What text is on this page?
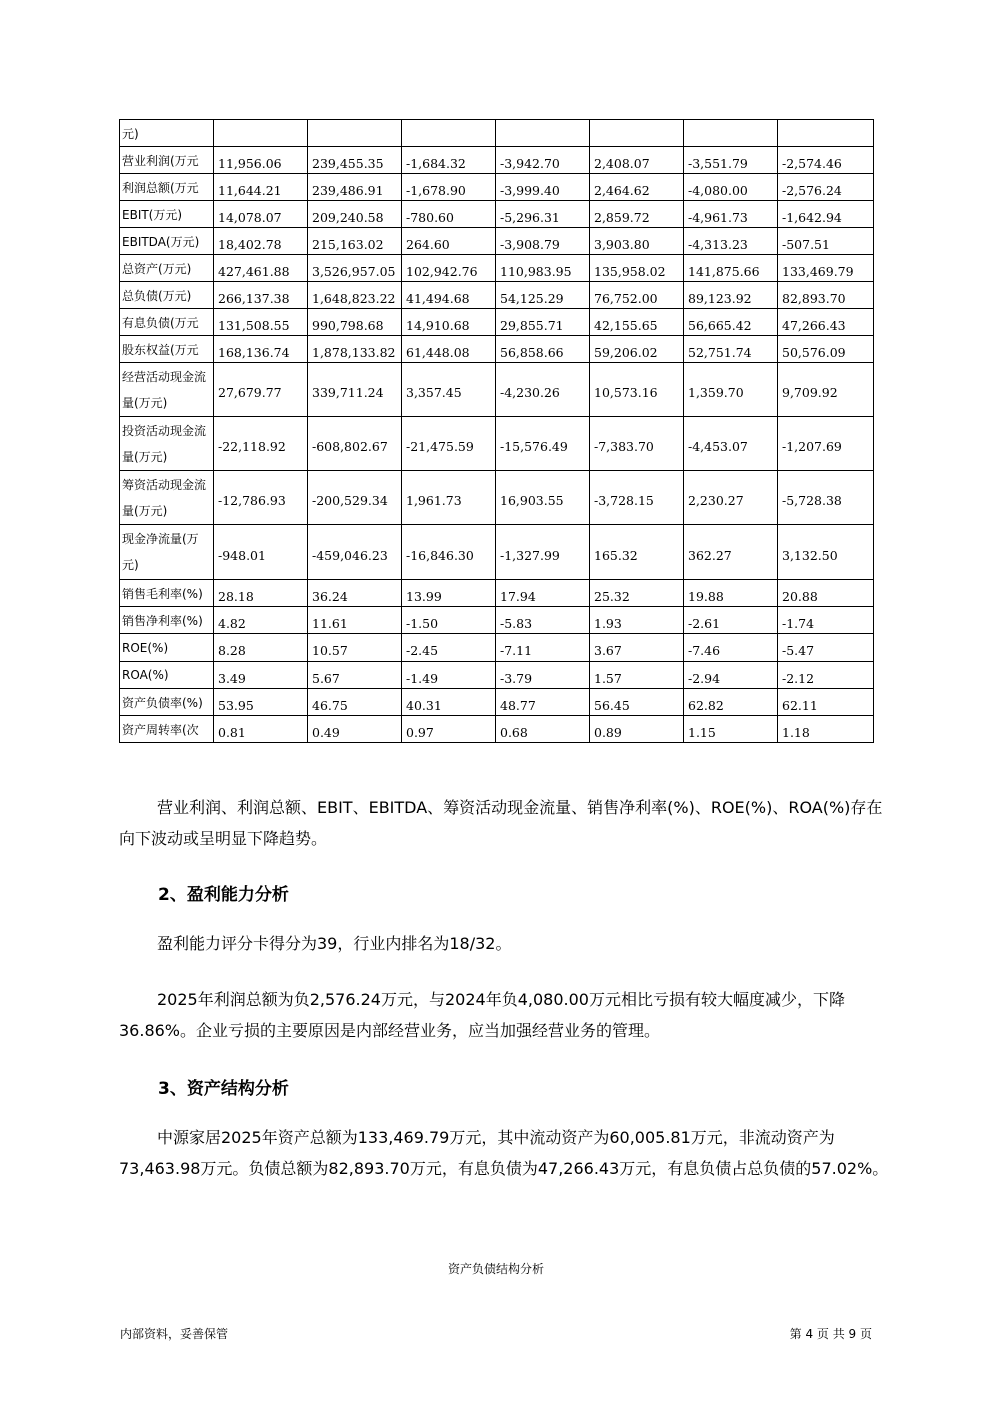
元)							
营业利润(万元	11,956.06	239,455.35	-1,684.32	-3,942.70	2,408.07	-3,551.79	-2,574.46
利润总额(万元	11,644.21	239,486.91	-1,678.90	-3,999.40	2,464.62	-4,080.00	-2,576.24
EBIT(万元)	14,078.07	209,240.58	-780.60	-5,296.31	2,859.72	-4,961.73	-1,642.94
EBITDA(万元)	18,402.78	215,163.02	264.60	-3,908.79	3,903.80	-4,313.23	-507.51
总资产(万元)	427,461.88	3,526,957.05	102,942.76	110,983.95	135,958.02	141,875.66	133,469.79
总负债(万元)	266,137.38	1,648,823.22	41,494.68	54,125.29	76,752.00	89,123.92	82,893.70
有息负债(万元	131,508.55	990,798.68	14,910.68	29,855.71	42,155.65	56,665.42	47,266.43
股东权益(万元	168,136.74	1,878,133.82	61,448.08	56,858.66	59,206.02	52,751.74	50,576.09
经营活动现金流量(万元)	27,679.77	339,711.24	3,357.45	-4,230.26	10,573.16	1,359.70	9,709.92
投资活动现金流量(万元)	-22,118.92	-608,802.67	-21,475.59	-15,576.49	-7,383.70	-4,453.07	-1,207.69
筹资活动现金流量(万元)	-12,786.93	-200,529.34	1,961.73	16,903.55	-3,728.15	2,230.27	-5,728.38
现金净流量(万元)	-948.01	-459,046.23	-16,846.30	-1,327.99	165.32	362.27	3,132.50
销售毛利率(%)	28.18	36.24	13.99	17.94	25.32	19.88	20.88
销售净利率(%)	4.82	11.61	-1.50	-5.83	1.93	-2.61	-1.74
ROE(%)	8.28	10.57	-2.45	-7.11	3.67	-7.46	-5.47
ROA(%)	3.49	5.67	-1.49	-3.79	1.57	-2.94	-2.12
资产负债率(%)	53.95	46.75	40.31	48.77	56.45	62.82	62.11
资产周转率(次	0.81	0.49	0.97	0.68	0.89	1.15	1.18

营业利润、利润总额、EBIT、EBITDA、筹资活动现金流量、销售净利率(%)、ROE(%)、ROA(%)存在向下波动或呈明显下降趋势。

2、盈利能力分析

盈利能力评分卡得分为39，行业内排名为18/32。

2025年利润总额为负2,576.24万元，与2024年负4,080.00万元相比亏损有较大幅度减少，下降36.86%。企业亏损的主要原因是内部经营业务，应当加强经营业务的管理。

3、资产结构分析

中源家居2025年资产总额为133,469.79万元，其中流动资产为60,005.81万元，非流动资产为73,463.98万元。负债总额为82,893.70万元，有息负债为47,266.43万元，有息负债占总负债的57.02%。

资产负债结构分析
内部资料，妥善保管	第 4 页 共 9 页
